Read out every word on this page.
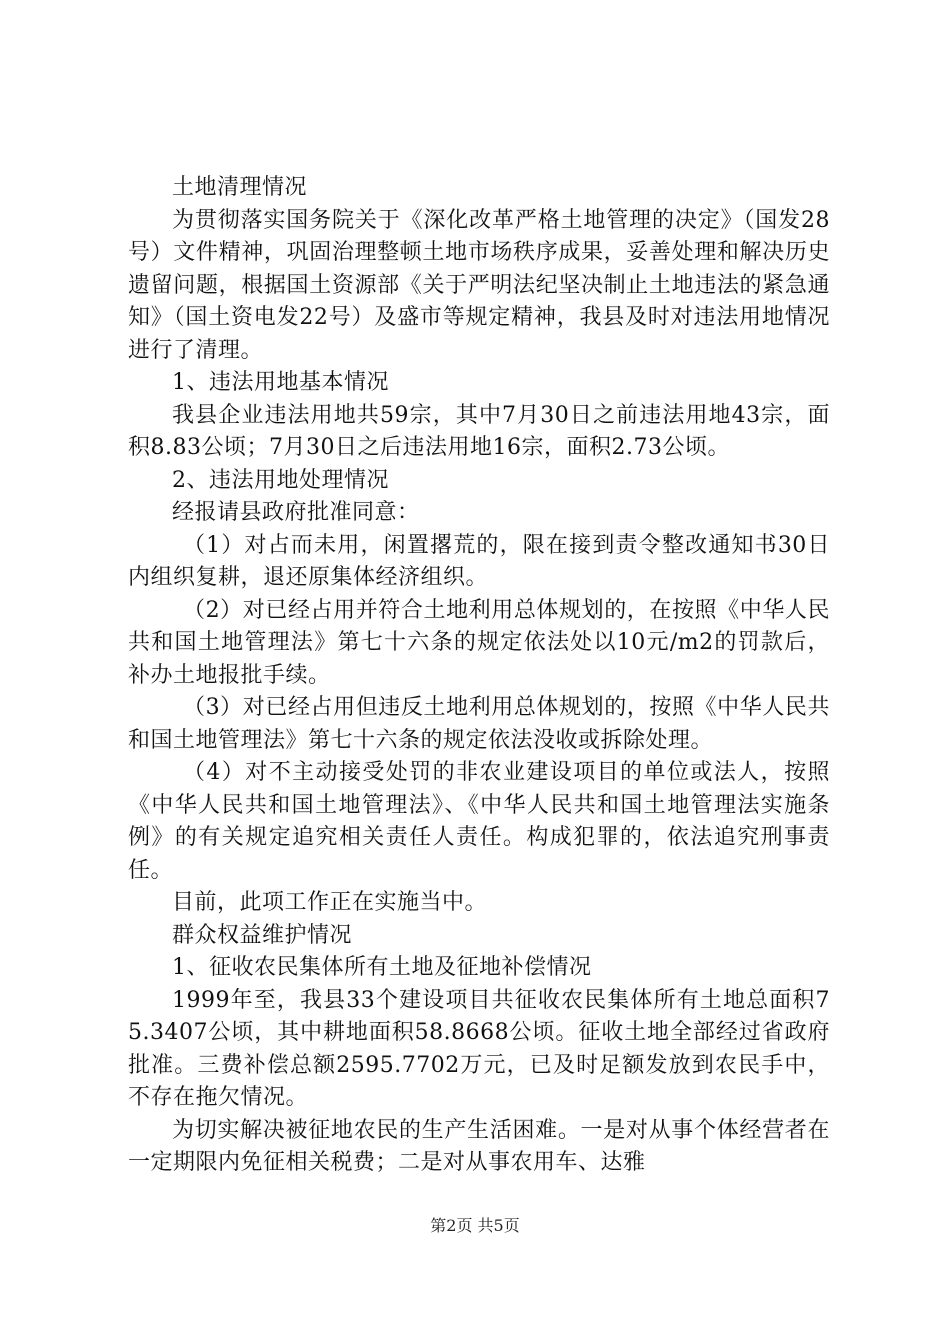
土地清理情况

为贯彻落实国务院关于《深化改革严格土地管理的决定》（国发28号）文件精神，巩固治理整顿土地市场秩序成果，妥善处理和解决历史遗留问题，根据国土资源部《关于严明法纪坚决制止土地违法的紧急通知》（国土资电发22号）及盛市等规定精神，我县及时对违法用地情况进行了清理。

1、违法用地基本情况

我县企业违法用地共59宗，其中7月30日之前违法用地43宗，面积8.83公顷；7月30日之后违法用地16宗，面积2.73公顷。

2、违法用地处理情况

经报请县政府批准同意：

（1）对占而未用，闲置撂荒的，限在接到责令整改通知书30日内组织复耕，退还原集体经济组织。

（2）对已经占用并符合土地利用总体规划的，在按照《中华人民共和国土地管理法》第七十六条的规定依法处以10元/m2的罚款后，补办土地报批手续。

（3）对已经占用但违反土地利用总体规划的，按照《中华人民共和国土地管理法》第七十六条的规定依法没收或拆除处理。

（4）对不主动接受处罚的非农业建设项目的单位或法人，按照《中华人民共和国土地管理法》、《中华人民共和国土地管理法实施条例》的有关规定追究相关责任人责任。构成犯罪的，依法追究刑事责任。

目前，此项工作正在实施当中。

群众权益维护情况

1、征收农民集体所有土地及征地补偿情况

1999年至，我县33个建设项目共征收农民集体所有土地总面积75.3407公顷，其中耕地面积58.8668公顷。征收土地全部经过省政府批准。三费补偿总额2595.7702万元，已及时足额发放到农民手中，不存在拖欠情况。

为切实解决被征地农民的生产生活困难。一是对从事个体经营者在一定期限内免征相关税费；二是对从事农用车、达雅

第2页 共5页
